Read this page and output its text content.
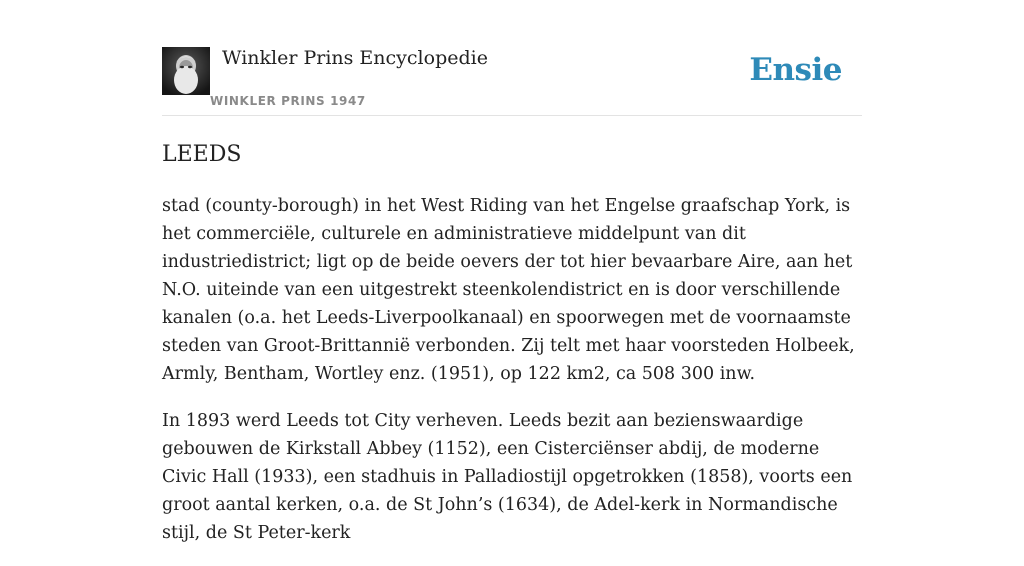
Winkler Prins Encyclopedie
WINKLER PRINS 1947
Ensie
LEEDS

stad (county-borough) in het West Riding van het Engelse graafschap York, is het commerciële, culturele en administratieve middelpunt van dit industriedistrict; ligt op de beide oevers der tot hier bevaarbare Aire, aan het N.O. uiteinde van een uitgestrekt steenkolendistrict en is door verschillende kanalen (o.a. het Leeds-Liverpoolkanaal) en spoorwegen met de voornaamste steden van Groot-Brittannië verbonden. Zij telt met haar voorsteden Holbeek, Armly, Bentham, Wortley enz. (1951), op 122 km2, ca 508 300 inw.

In 1893 werd Leeds tot City verheven. Leeds bezit aan bezienswaardige gebouwen de Kirkstall Abbey (1152), een Cisterciënser abdij, de moderne Civic Hall (1933), een stadhuis in Palladiostijl opgetrokken (1858), voorts een groot aantal kerken, o.a. de St John’s (1634), de Adel-kerk in Normandische stijl, de St Peter-kerk
